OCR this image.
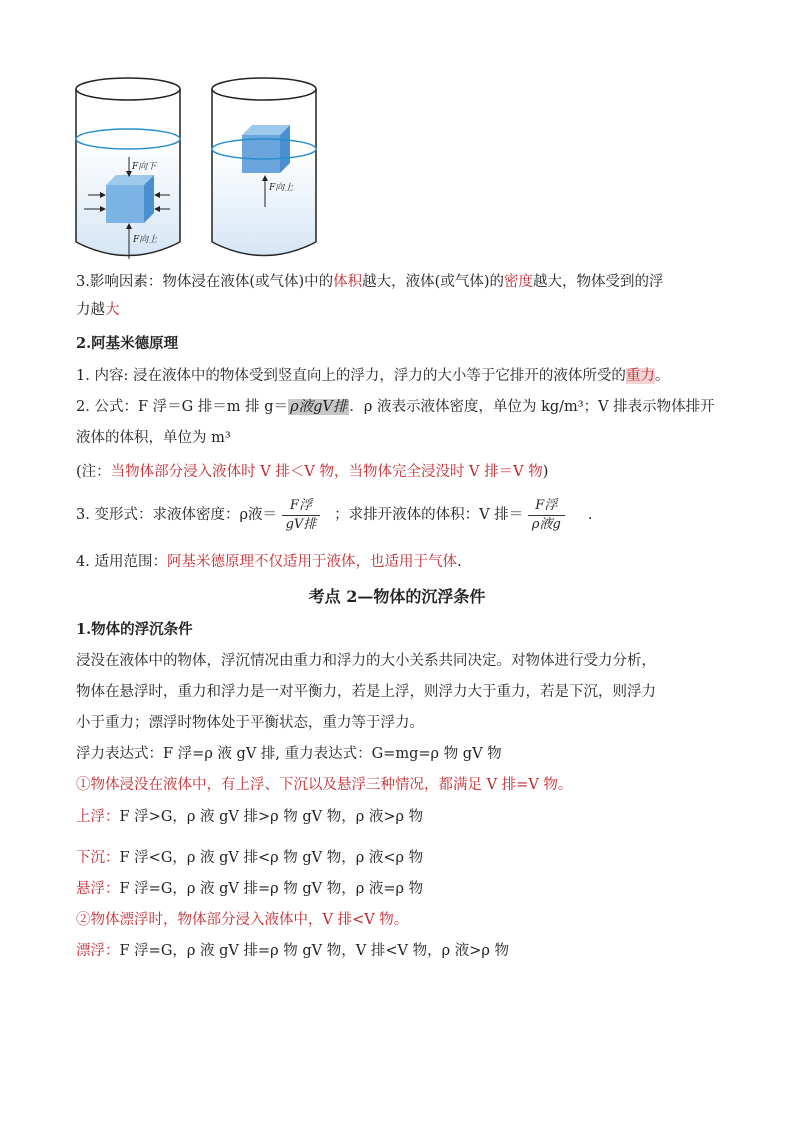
F向下
F向上
F向上
3.影响因素：物体浸在液体(或气体)中的体积越大，液体(或气体)的密度越大，物体受到的浮
力越大
2.阿基米德原理
1. 内容: 浸在液体中的物体受到竖直向上的浮力，浮力的大小等于它排开的液体所受的重力。
2. 公式：F 浮＝G 排＝m 排 g＝ ρ液gV排 ．ρ 液表示液体密度，单位为 kg/m³；V 排表示物体排开
液体的体积，单位为 m³
(注：当物体部分浸入液体时 V 排＜V 物，当物体完全浸没时 V 排＝V 物)
3. 变形式：求液体密度：ρ液＝ $\frac{\text{F浮}}{\text{gV排}}$ ；求排开液体的体积：V 排＝ $\frac{\text{F浮}}{\text{ρ液g}}$ .
4. 适用范围：阿基米德原理不仅适用于液体，也适用于气体.
考点 2—物体的沉浮条件
1.物体的浮沉条件
浸没在液体中的物体，浮沉情况由重力和浮力的大小关系共同决定。对物体进行受力分析，
物体在悬浮时，重力和浮力是一对平衡力，若是上浮，则浮力大于重力，若是下沉，则浮力
小于重力；漂浮时物体处于平衡状态，重力等于浮力。
浮力表达式：F 浮=ρ 液 gV 排, 重力表达式：G=mg=ρ 物 gV 物
①物体浸没在液体中，有上浮、下沉以及悬浮三种情况，都满足 V 排=V 物。
上浮：F 浮>G，ρ 液 gV 排>ρ 物 gV 物，ρ 液>ρ 物
下沉：F 浮<G，ρ 液 gV 排<ρ 物 gV 物，ρ 液<ρ 物
悬浮：F 浮=G，ρ 液 gV 排=ρ 物 gV 物，ρ 液=ρ 物
②物体漂浮时，物体部分浸入液体中，V 排<V 物。
漂浮：F 浮=G，ρ 液 gV 排=ρ 物 gV 物，V 排<V 物，ρ 液>ρ 物
